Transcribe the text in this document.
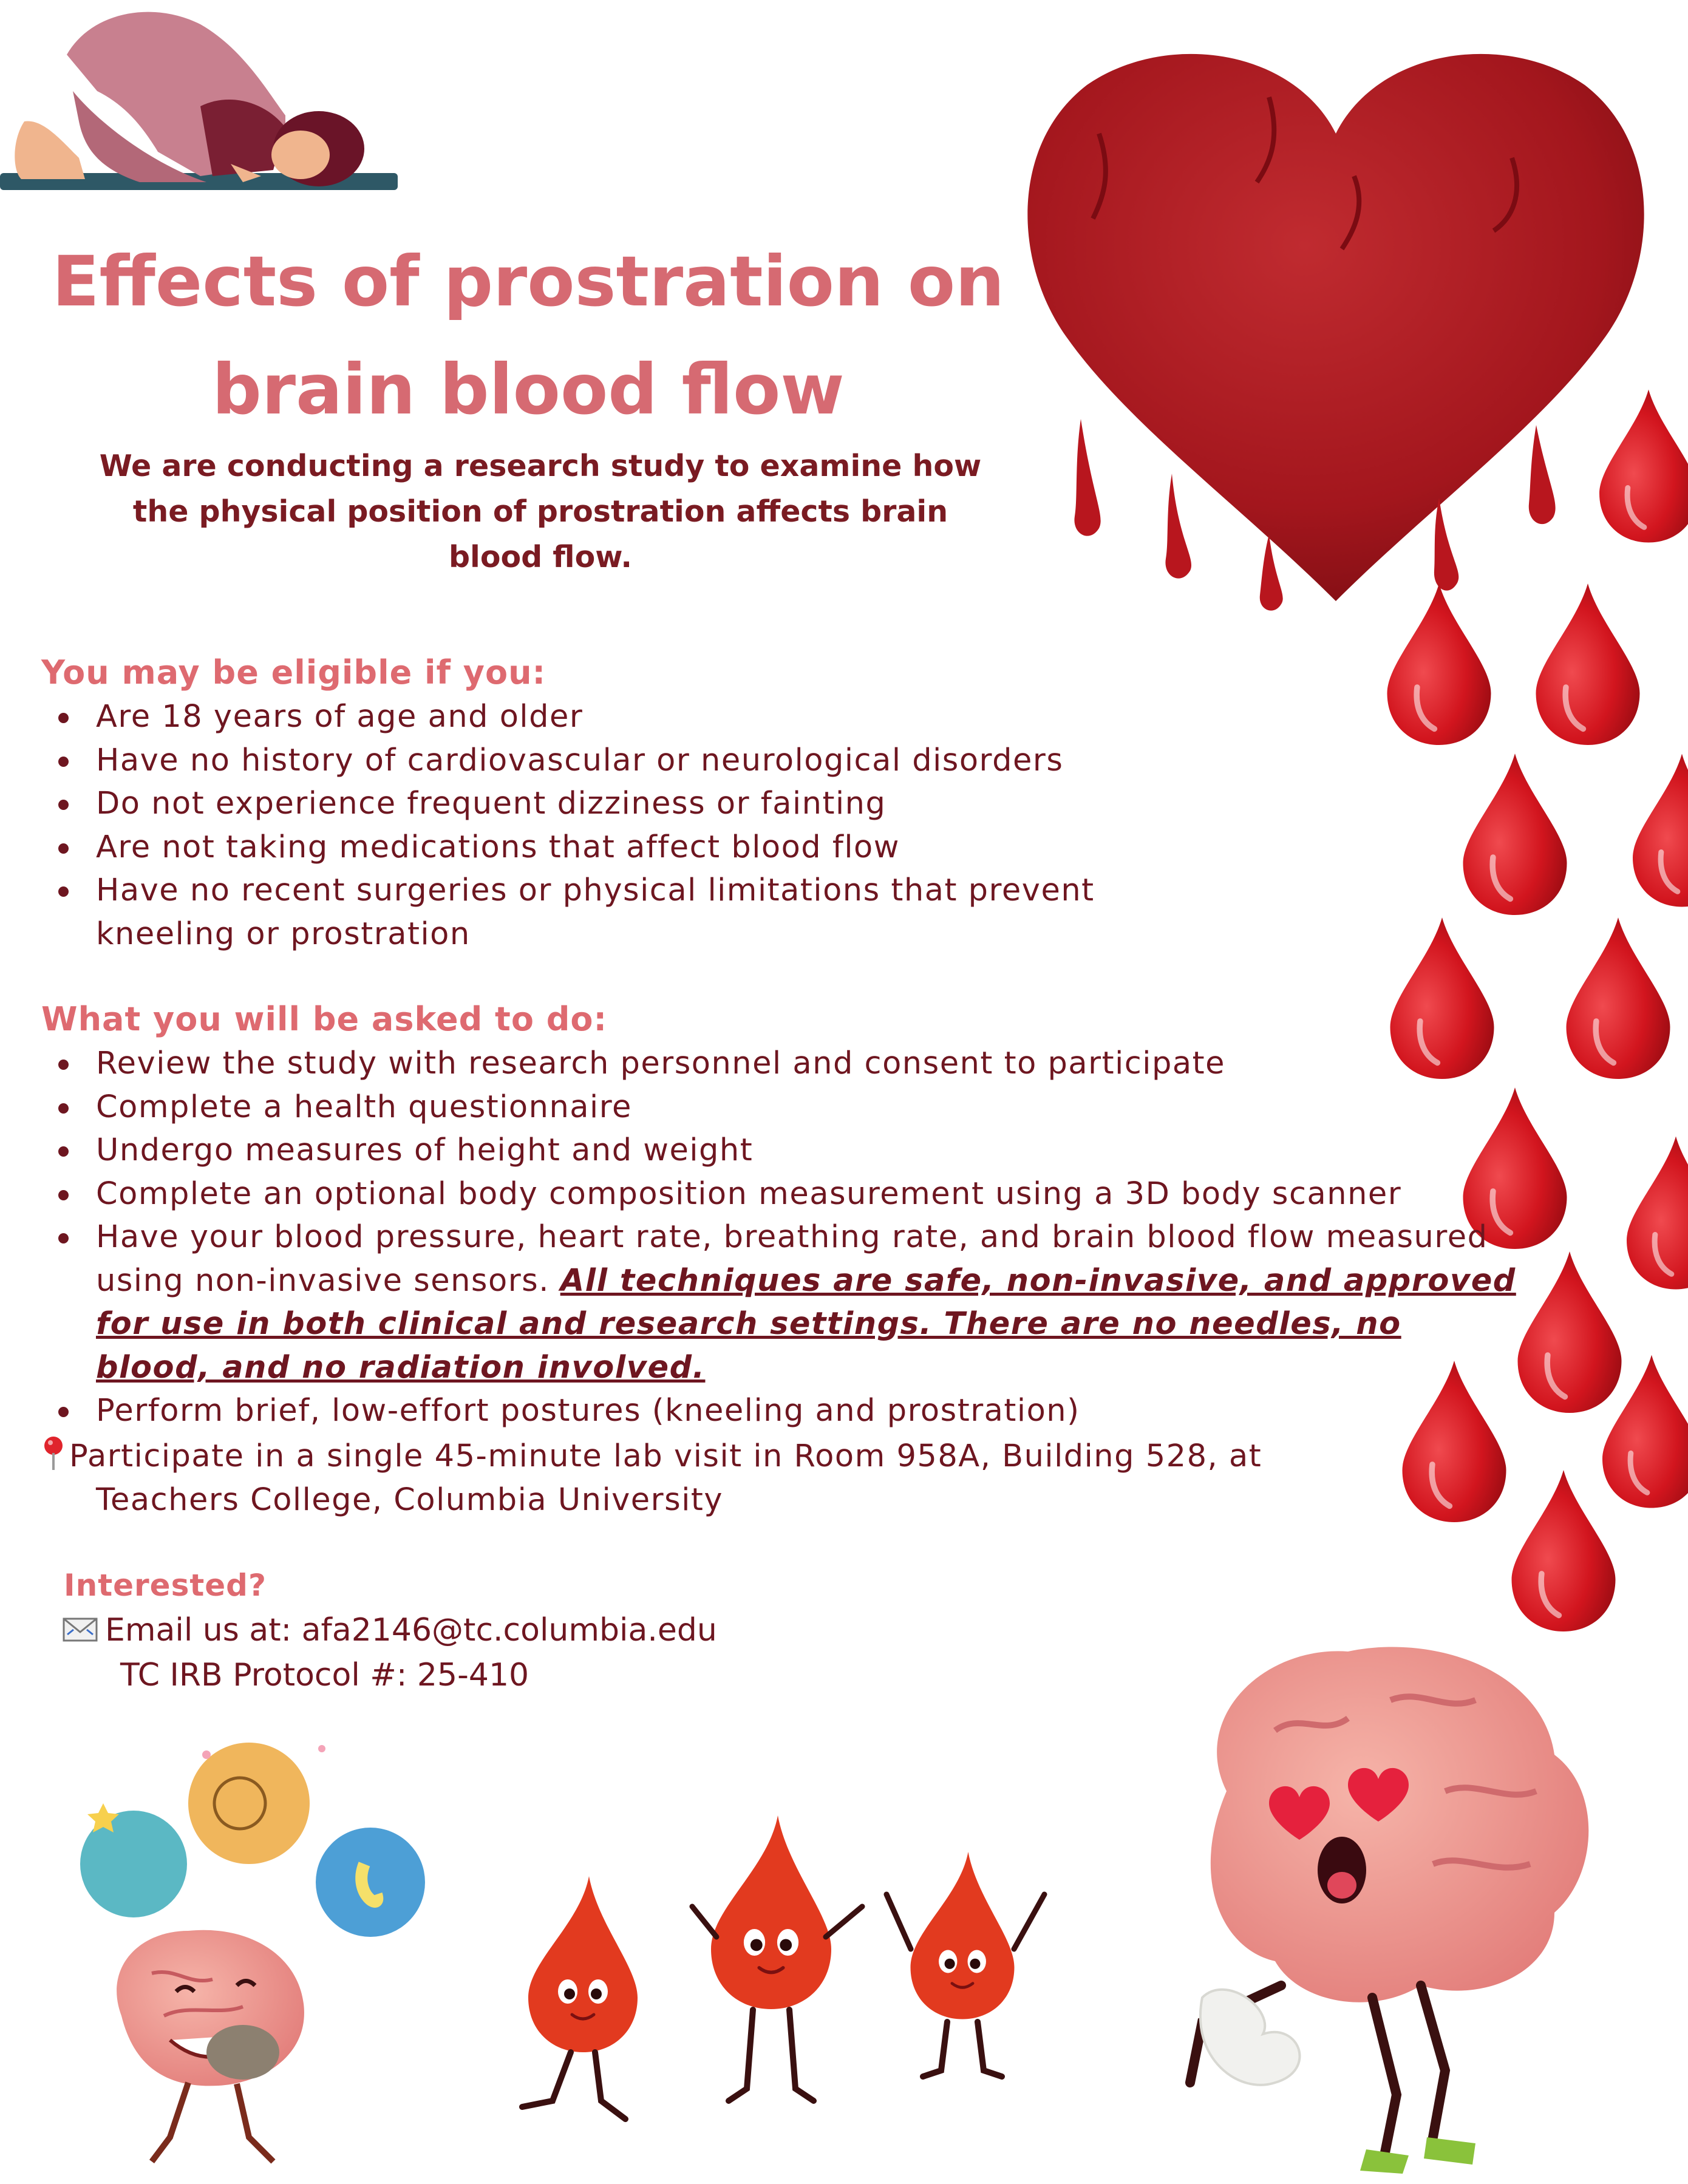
Effects of prostration on
brain blood flow
We are conducting a research study to examine how
the physical position of prostration affects brain
blood flow.
You may be eligible if you:
Are 18 years of age and older
Have no history of cardiovascular or neurological disorders
Do not experience frequent dizziness or fainting
Are not taking medications that affect blood flow
Have no recent surgeries or physical limitations that prevent kneeling or prostration
What you will be asked to do:
Review the study with research personnel and consent to participate
Complete a health questionnaire
Undergo measures of height and weight
Complete an optional body composition measurement using a 3D body scanner
Have your blood pressure, heart rate, breathing rate, and brain blood flow measured using non-invasive sensors. All techniques are safe, non-invasive, and approved for use in both clinical and research settings. There are no needles, no blood, and no radiation involved.
Perform brief, low-effort postures (kneeling and prostration)
Participate in a single 45-minute lab visit in Room 958A, Building 528, at
Teachers College, Columbia University
Interested?
Email us at: afa2146@tc.columbia.edu
TC IRB Protocol #: 25-410
